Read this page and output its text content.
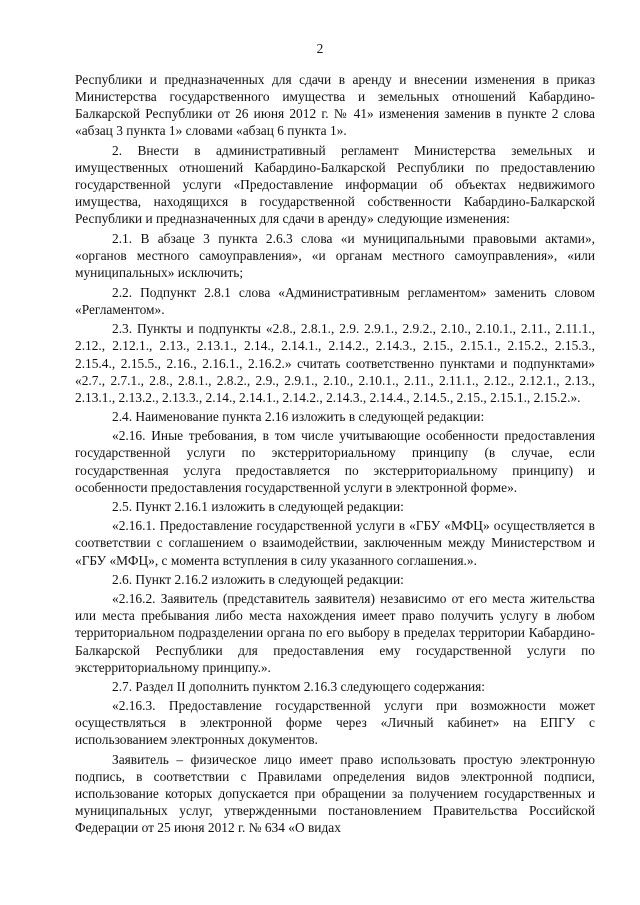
2

Республики и предназначенных для сдачи в аренду и внесении изменения в приказ Министерства государственного имущества и земельных отношений Кабардино-Балкарской Республики от 26 июня 2012 г. № 41» изменения заменив в пункте 2 слова «абзац 3 пункта 1» словами «абзац 6 пункта 1».

2. Внести в административный регламент Министерства земельных и имущественных отношений Кабардино-Балкарской Республики по предоставлению государственной услуги «Предоставление информации об объектах недвижимого имущества, находящихся в государственной собственности Кабардино-Балкарской Республики и предназначенных для сдачи в аренду» следующие изменения:

2.1. В абзаце 3 пункта 2.6.3 слова «и муниципальными правовыми актами», «органов местного самоуправления», «и органам местного самоуправления», «или муниципальных» исключить;

2.2. Подпункт 2.8.1 слова «Административным регламентом» заменить словом «Регламентом».

2.3. Пункты и подпункты «2.8., 2.8.1., 2.9. 2.9.1., 2.9.2., 2.10., 2.10.1., 2.11., 2.11.1., 2.12., 2.12.1., 2.13., 2.13.1., 2.14., 2.14.1., 2.14.2., 2.14.3., 2.15., 2.15.1., 2.15.2., 2.15.3., 2.15.4., 2.15.5., 2.16., 2.16.1., 2.16.2.» считать соответственно пунктами и подпунктами» «2.7., 2.7.1., 2.8., 2.8.1., 2.8.2., 2.9., 2.9.1., 2.10., 2.10.1., 2.11., 2.11.1., 2.12., 2.12.1., 2.13., 2.13.1., 2.13.2., 2.13.3., 2.14., 2.14.1., 2.14.2., 2.14.3., 2.14.4., 2.14.5., 2.15., 2.15.1., 2.15.2.».

2.4. Наименование пункта 2.16 изложить в следующей редакции:

«2.16. Иные требования, в том числе учитывающие особенности предоставления государственной услуги по экстерриториальному принципу (в случае, если государственная услуга предоставляется по экстерриториальному принципу) и особенности предоставления государственной услуги в электронной форме».

2.5. Пункт 2.16.1 изложить в следующей редакции:

«2.16.1. Предоставление государственной услуги в «ГБУ «МФЦ» осуществляется в соответствии с соглашением о взаимодействии, заключенным между Министерством и «ГБУ «МФЦ», с момента вступления в силу указанного соглашения.».

2.6. Пункт 2.16.2 изложить в следующей редакции:

«2.16.2. Заявитель (представитель заявителя) независимо от его места жительства или места пребывания либо места нахождения имеет право получить услугу в любом территориальном подразделении органа по его выбору в пределах территории Кабардино-Балкарской Республики для предоставления ему государственной услуги по экстерриториальному принципу.».

2.7. Раздел II дополнить пунктом 2.16.3 следующего содержания:

«2.16.3. Предоставление государственной услуги при возможности может осуществляться в электронной форме через «Личный кабинет» на ЕПГУ с использованием электронных документов.

Заявитель – физическое лицо имеет право использовать простую электронную подпись, в соответствии с Правилами определения видов электронной подписи, использование которых допускается при обращении за получением государственных и муниципальных услуг, утвержденными постановлением Правительства Российской Федерации от 25 июня 2012 г. № 634 «О видах
